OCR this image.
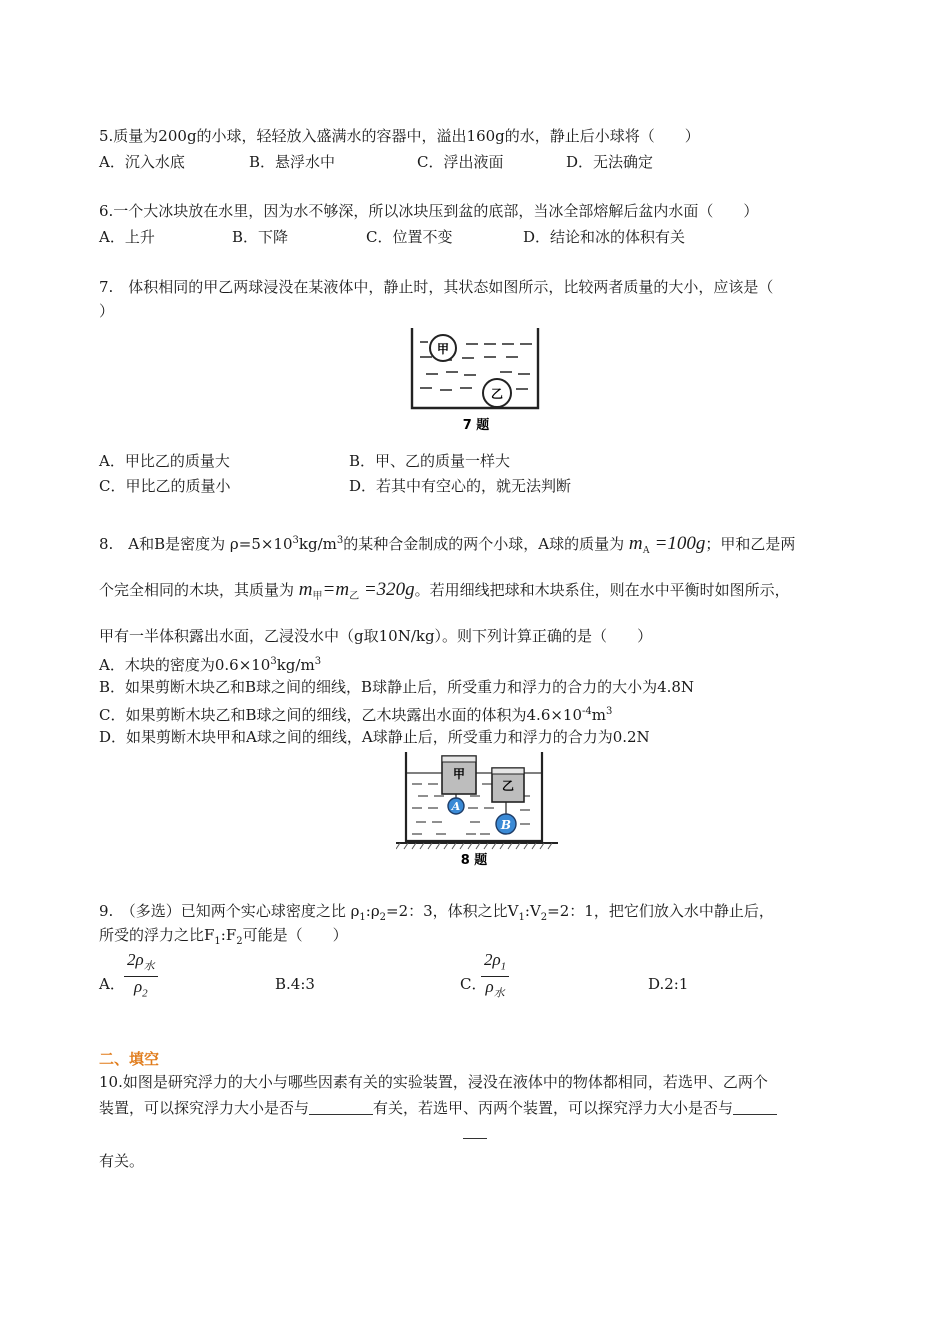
5.质量为200g的小球，轻轻放入盛满水的容器中，溢出160g的水，静止后小球将（　　）
A．沉入水底	B．悬浮水中	C．浮出液面	D．无法确定
6.一个大冰块放在水里，因为水不够深，所以冰块压到盆的底部，当冰全部熔解后盆内水面（　　）
A．上升	B．下降	C．位置不变	D．结论和冰的体积有关
7.　体积相同的甲乙两球浸没在某液体中，静止时，其状态如图所示，比较两者质量的大小，应该是（
）
甲
乙
7 题
A．甲比乙的质量大	B．甲、乙的质量一样大
C．甲比乙的质量小	D．若其中有空心的，就无法判断
8.　A和B是密度为 $\rho=5\times 10^3kg/m^3$的某种合金制成的两个小球，A球的质量为 $m_A =100g$；甲和乙是两
个完全相同的木块，其质量为 $m_甲=m_乙 =320g$。若用细线把球和木块系住，则在水中平衡时如图所示，
甲有一半体积露出水面，乙浸没水中（g取10N/kg）。则下列计算正确的是（　　）
A．木块的密度为$0.6\times 10^3kg/m^3$
B．如果剪断木块乙和B球之间的细线，B球静止后，所受重力和浮力的合力的大小为4.8N
C．如果剪断木块乙和B球之间的细线，乙木块露出水面的体积为$4.6\times 10^{-4}m^3$
D．如果剪断木块甲和A球之间的细线，A球静止后，所受重力和浮力的合力为0.2N
甲
A
乙
B
8 题
9.　（多选）已知两个实心球密度之比 $\rho_1:\rho_2=2$：3，体积之比$V_1:V_2=2$：1，把它们放入水中静止后，
所受的浮力之比$F_1:F_2$可能是（　　）
A．
$2\rho_水$
$\rho_2$
B.4:3	C．
$2\rho_1$
$\rho_水$
D.2:1
二、填空
10.如图是研究浮力的大小与哪些因素有关的实验装置，浸没在液体中的物体都相同，若选甲、乙两个
装置，可以探究浮力大小是否与	有关，若选甲、丙两个装置，可以探究浮力大小是否与
有关。
